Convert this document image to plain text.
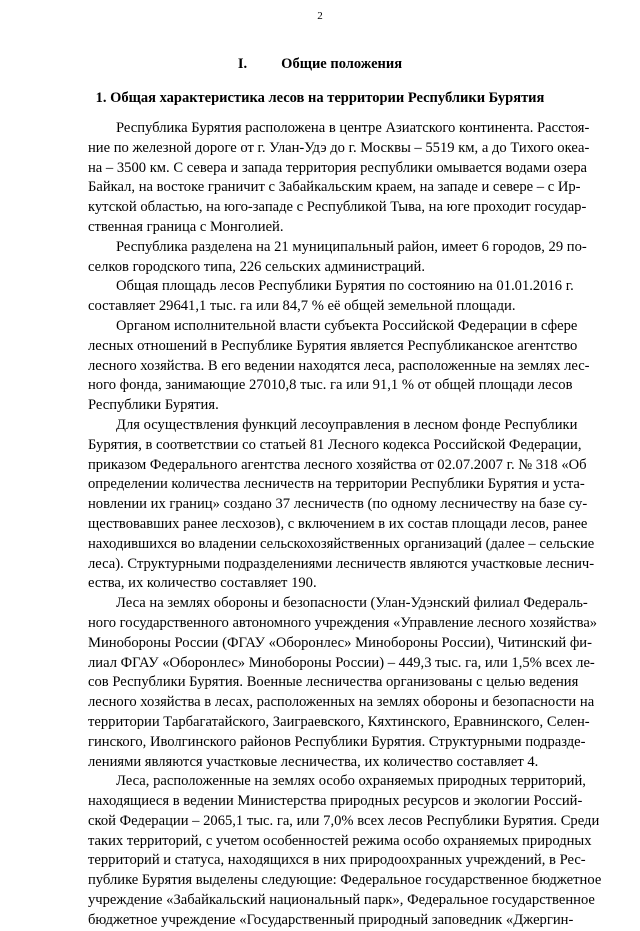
2
I. Общие положения
1. Общая характеристика лесов на территории Республики Бурятия
Республика Бурятия расположена в центре Азиатского континента. Расстоя-
ние по железной дороге от г. Улан-Удэ до г. Москвы – 5519 км, а до Тихого океа-
на – 3500 км. С севера и запада территория республики омывается водами озера
Байкал, на востоке граничит с Забайкальским краем, на западе и севере – с Ир-
кутской областью, на юго-западе с Республикой Тыва, на юге проходит государ-
ственная граница с Монголией.
Республика разделена на 21 муниципальный район, имеет 6 городов, 29 по-
селков городского типа, 226 сельских администраций.
Общая площадь лесов Республики Бурятия по состоянию на 01.01.2016 г.
составляет 29641,1 тыс. га или 84,7 % её общей земельной площади.
Органом исполнительной власти субъекта Российской Федерации в сфере
лесных отношений в Республике Бурятия является Республиканское агентство
лесного хозяйства. В его ведении находятся леса, расположенные на землях лес-
ного фонда, занимающие 27010,8 тыс. га или 91,1 % от общей площади лесов
Республики Бурятия.
Для осуществления функций лесоуправления в лесном фонде Республики
Бурятия, в соответствии со статьей 81 Лесного кодекса Российской Федерации,
приказом Федерального агентства лесного хозяйства от 02.07.2007 г. № 318 «Об
определении количества лесничеств на территории Республики Бурятия и уста-
новлении их границ» создано 37 лесничеств (по одному лесничеству на базе су-
ществовавших ранее лесхозов), с включением в их состав площади лесов, ранее
находившихся во владении сельскохозяйственных организаций (далее – сельские
леса). Структурными подразделениями лесничеств являются участковые леснич-
ества, их количество составляет 190.
Леса на землях обороны и безопасности (Улан-Удэнский филиал Федераль-
ного государственного автономного учреждения «Управление лесного хозяйства»
Минобороны России (ФГАУ «Оборонлес» Минобороны России), Читинский фи-
лиал ФГАУ «Оборонлес» Минобороны России) – 449,3 тыс. га, или 1,5% всех ле-
сов Республики Бурятия. Военные лесничества организованы с целью ведения
лесного хозяйства в лесах, расположенных на землях обороны и безопасности на
территории Тарбагатайского, Заиграевского, Кяхтинского, Еравнинского, Селен-
гинского, Иволгинского районов Республики Бурятия. Структурными подразде-
лениями являются участковые лесничества, их количество составляет 4.
Леса, расположенные на землях особо охраняемых природных территорий,
находящиеся в ведении Министерства природных ресурсов и экологии Россий-
ской Федерации – 2065,1 тыс. га, или 7,0% всех лесов Республики Бурятия. Среди
таких территорий, с учетом особенностей режима особо охраняемых природных
территорий и статуса, находящихся в них природоохранных учреждений, в Рес-
публике Бурятия выделены следующие: Федеральное государственное бюджетное
учреждение «Забайкальский национальный парк», Федеральное государственное
бюджетное учреждение «Государственный природный заповедник «Джергин-
